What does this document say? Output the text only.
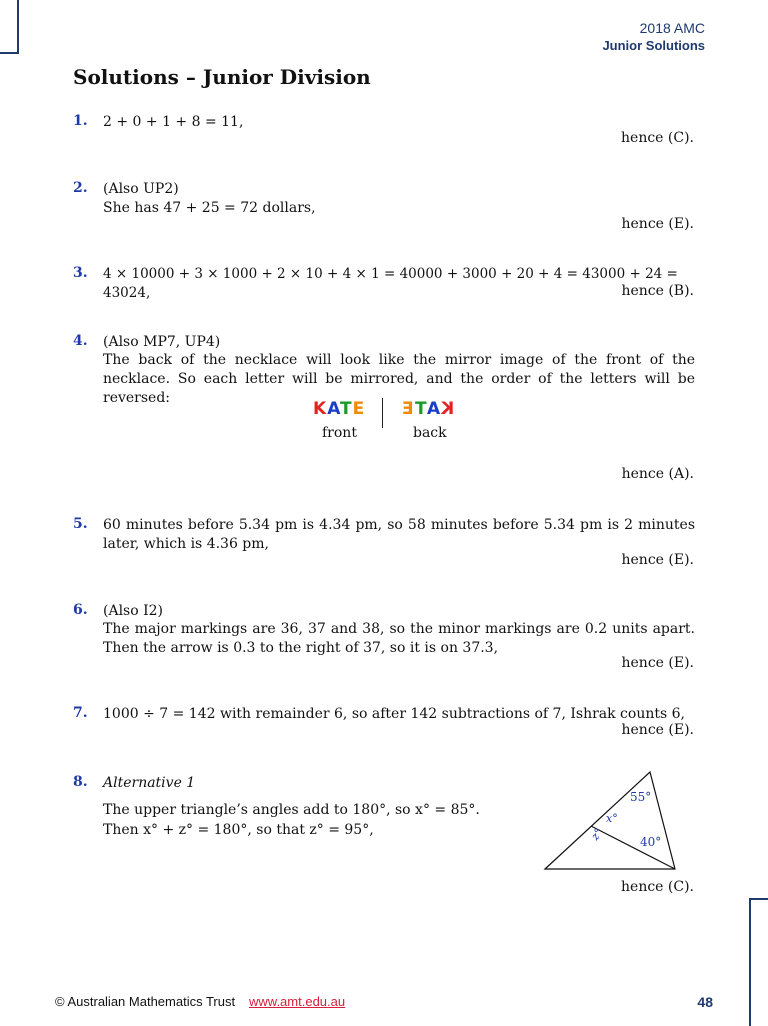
2018 AMC
Junior Solutions
Solutions – Junior Division
1. 2 + 0 + 1 + 8 = 11,
hence (C).
2. (Also UP2)
She has 47 + 25 = 72 dollars,
hence (E).
3. 4 × 10000 + 3 × 1000 + 2 × 10 + 4 × 1 = 40000 + 3000 + 20 + 4 = 43000 + 24 = 43024,	hence (B).
4. (Also MP7, UP4)
The back of the necklace will look like the mirror image of the front of the necklace. So each letter will be mirrored, and the order of the letters will be reversed:
KATE ETAK
front	back
hence (A).
5. 60 minutes before 5.34 pm is 4.34 pm, so 58 minutes before 5.34 pm is 2 minutes later, which is 4.36 pm,
hence (E).
6. (Also I2)
The major markings are 36, 37 and 38, so the minor markings are 0.2 units apart. Then the arrow is 0.3 to the right of 37, so it is on 37.3,
hence (E).
7. 1000 ÷ 7 = 142 with remainder 6, so after 142 subtractions of 7, Ishrak counts 6,
hence (E).
8. Alternative 1
The upper triangle’s angles add to 180°, so x° = 85°.
Then x° + z° = 180°, so that z° = 95°,
55°
40°
x°
z°
hence (C).
© Australian Mathematics Trust www.amt.edu.au	48
